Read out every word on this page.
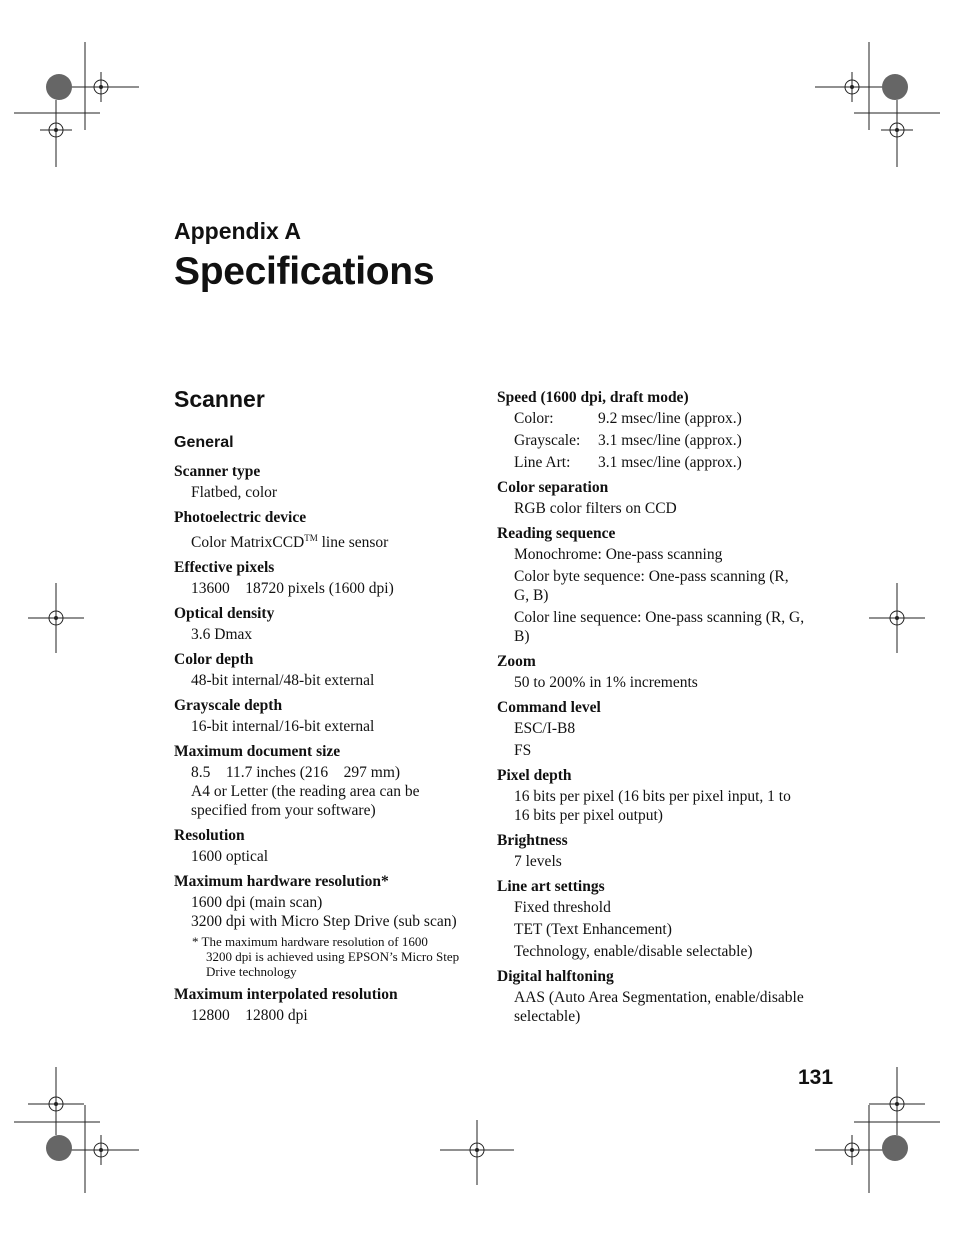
Appendix A
Specifications
Scanner
General
Scanner type
Flatbed, color
Photoelectric device
Color MatrixCCD™ line sensor
Effective pixels
13600    18720 pixels (1600 dpi)
Optical density
3.6 Dmax
Color depth
48-bit internal/48-bit external
Grayscale depth
16-bit internal/16-bit external
Maximum document size
8.5    11.7 inches (216    297 mm)
A4 or Letter (the reading area can be specified from your software)
Resolution
1600 optical
Maximum hardware resolution*
1600 dpi (main scan)
3200 dpi with Micro Step Drive (sub scan)
* The maximum hardware resolution of 1600    3200 dpi is achieved using EPSON’s Micro Step Drive technology
Maximum interpolated resolution
12800    12800 dpi
Speed (1600 dpi, draft mode)
Color:	9.2 msec/line (approx.)
Grayscale:	3.1 msec/line (approx.)
Line Art:	3.1 msec/line (approx.)
Color separation
RGB color filters on CCD
Reading sequence
Monochrome: One-pass scanning
Color byte sequence: One-pass scanning (R, G, B)
Color line sequence: One-pass scanning (R, G, B)
Zoom
50 to 200% in 1% increments
Command level
ESC/I-B8
FS
Pixel depth
16 bits per pixel (16 bits per pixel input, 1 to 16 bits per pixel output)
Brightness
7 levels
Line art settings
Fixed threshold
TET (Text Enhancement)
Technology, enable/disable selectable)
Digital halftoning
AAS (Auto Area Segmentation, enable/disable selectable)
131
